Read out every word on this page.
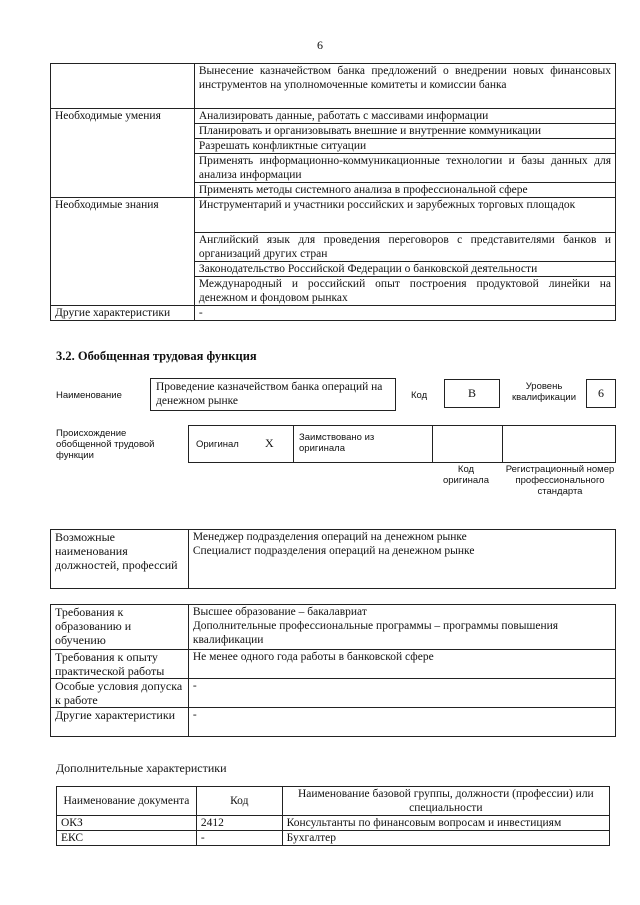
6
	Вынесение казначейством банка предложений о внедрении новых финансовых инструментов на уполномоченные комитеты и комиссии банка
Необходимые умения	Анализировать данные, работать с массивами информации
	Планировать и организовывать внешние и внутренние коммуникации
	Разрешать конфликтные ситуации
	Применять информационно-коммуникационные технологии и базы данных для анализа информации
	Применять методы системного анализа в профессиональной сфере
Необходимые знания	Инструментарий и участники российских и зарубежных торговых площадок
	Английский язык для проведения переговоров с представителями банков и организаций других стран
	Законодательство Российской Федерации о банковской деятельности
	Международный и российский опыт построения продуктовой линейки на денежном и фондовом рынках
Другие характеристики	-
3.2. Обобщенная трудовая функция
Наименование
Проведение казначейством банка операций на денежном рынке	Код	B	Уровень квалификации	6
Происхождение обобщенной трудовой функции
Оригинал X	Заимствовано из оригинала
Код оригинала
Регистрационный номер профессионального стандарта
Возможные наименования должностей, профессий	
Менеджер подразделения операций на денежном рынке
Специалист подразделения операций на денежном рынке
Требования к образованию и обучению	Высшее образование – бакалавриат
Дополнительные профессиональные программы – программы повышения квалификации

Требования к опыту практической работы	Не менее одного года работы в банковской сфере
Особые условия допуска к работе	-
Другие характеристики	-
Дополнительные характеристики
Наименование документа	Код	Наименование базовой группы, должности (профессии) или специальности
ОКЗ	2412	Консультанты по финансовым вопросам и инвестициям
ЕКС	-	Бухгалтер
